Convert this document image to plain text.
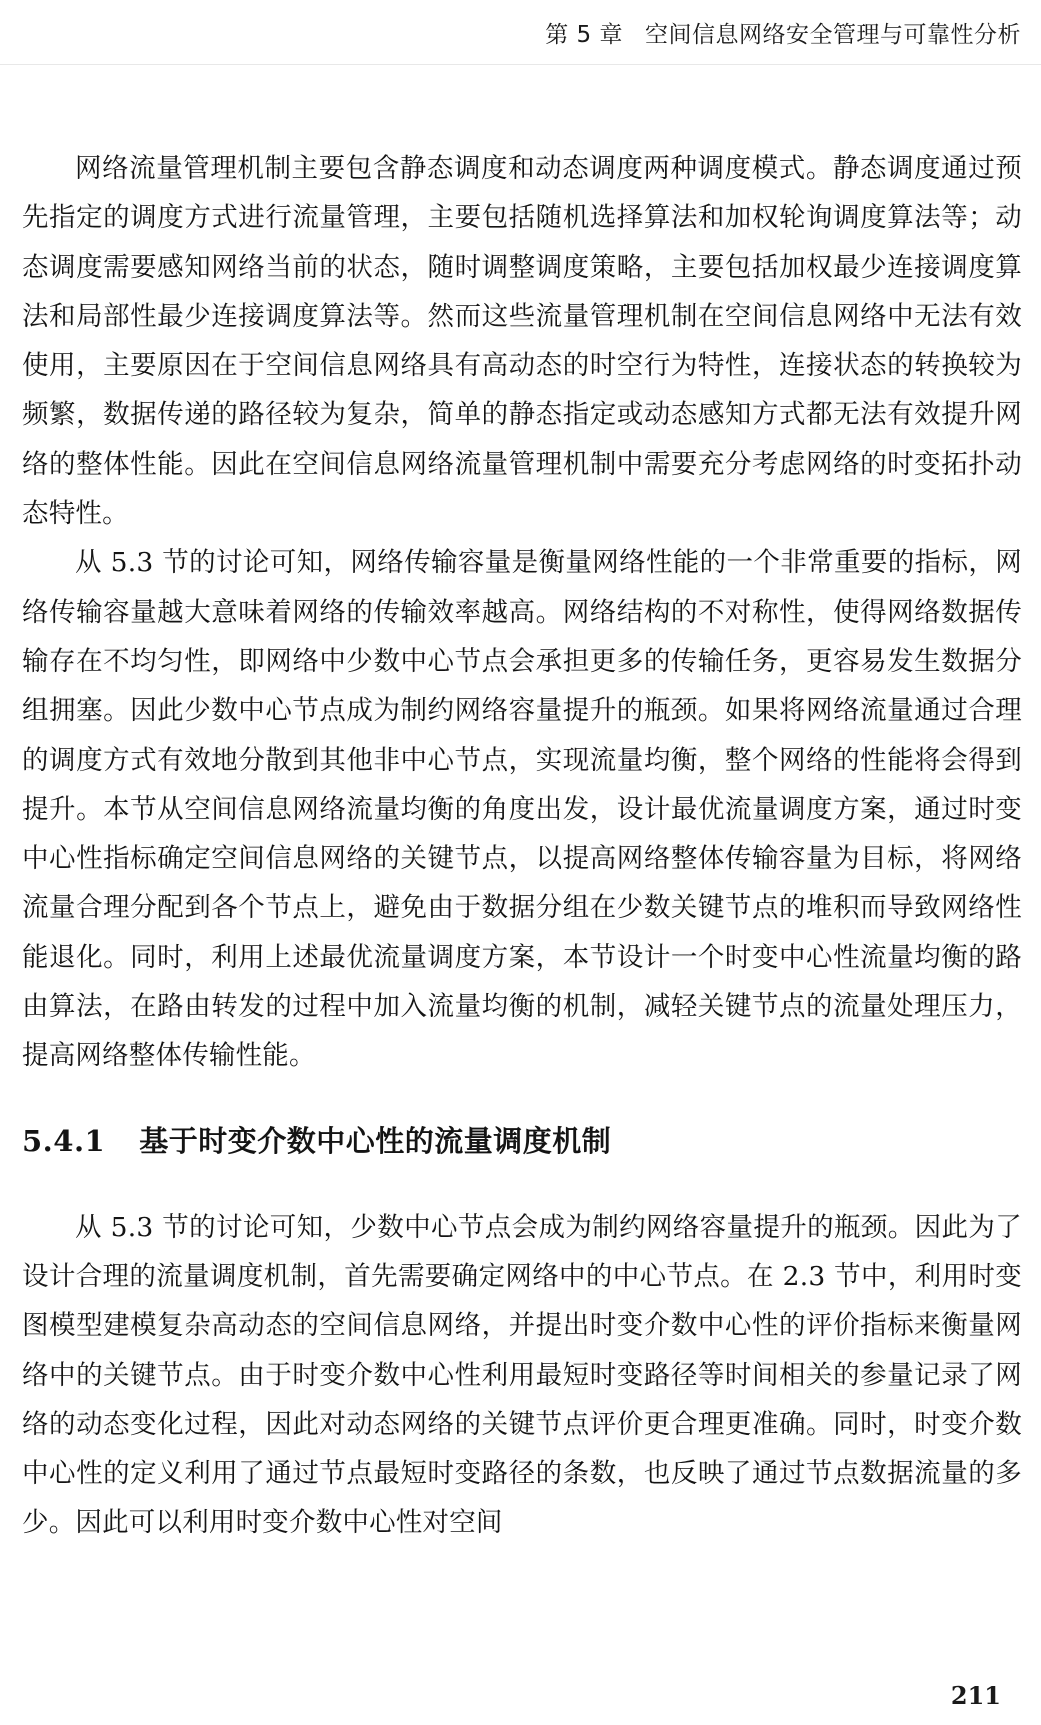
第 5 章 空间信息网络安全管理与可靠性分析

网络流量管理机制主要包含静态调度和动态调度两种调度模式。静态调度通过预先指定的调度方式进行流量管理，主要包括随机选择算法和加权轮询调度算法等；动态调度需要感知网络当前的状态，随时调整调度策略，主要包括加权最少连接调度算法和局部性最少连接调度算法等。然而这些流量管理机制在空间信息网络中无法有效使用，主要原因在于空间信息网络具有高动态的时空行为特性，连接状态的转换较为频繁，数据传递的路径较为复杂，简单的静态指定或动态感知方式都无法有效提升网络的整体性能。因此在空间信息网络流量管理机制中需要充分考虑网络的时变拓扑动态特性。

从 5.3 节的讨论可知，网络传输容量是衡量网络性能的一个非常重要的指标，网络传输容量越大意味着网络的传输效率越高。网络结构的不对称性，使得网络数据传输存在不均匀性，即网络中少数中心节点会承担更多的传输任务，更容易发生数据分组拥塞。因此少数中心节点成为制约网络容量提升的瓶颈。如果将网络流量通过合理的调度方式有效地分散到其他非中心节点，实现流量均衡，整个网络的性能将会得到提升。本节从空间信息网络流量均衡的角度出发，设计最优流量调度方案，通过时变中心性指标确定空间信息网络的关键节点，以提高网络整体传输容量为目标，将网络流量合理分配到各个节点上，避免由于数据分组在少数关键节点的堆积而导致网络性能退化。同时，利用上述最优流量调度方案，本节设计一个时变中心性流量均衡的路由算法，在路由转发的过程中加入流量均衡的机制，减轻关键节点的流量处理压力，提高网络整体传输性能。

5.4.1 基于时变介数中心性的流量调度机制

从 5.3 节的讨论可知，少数中心节点会成为制约网络容量提升的瓶颈。因此为了设计合理的流量调度机制，首先需要确定网络中的中心节点。在 2.3 节中，利用时变图模型建模复杂高动态的空间信息网络，并提出时变介数中心性的评价指标来衡量网络中的关键节点。由于时变介数中心性利用最短时变路径等时间相关的参量记录了网络的动态变化过程，因此对动态网络的关键节点评价更合理更准确。同时，时变介数中心性的定义利用了通过节点最短时变路径的条数，也反映了通过节点数据流量的多少。因此可以利用时变介数中心性对空间

211
